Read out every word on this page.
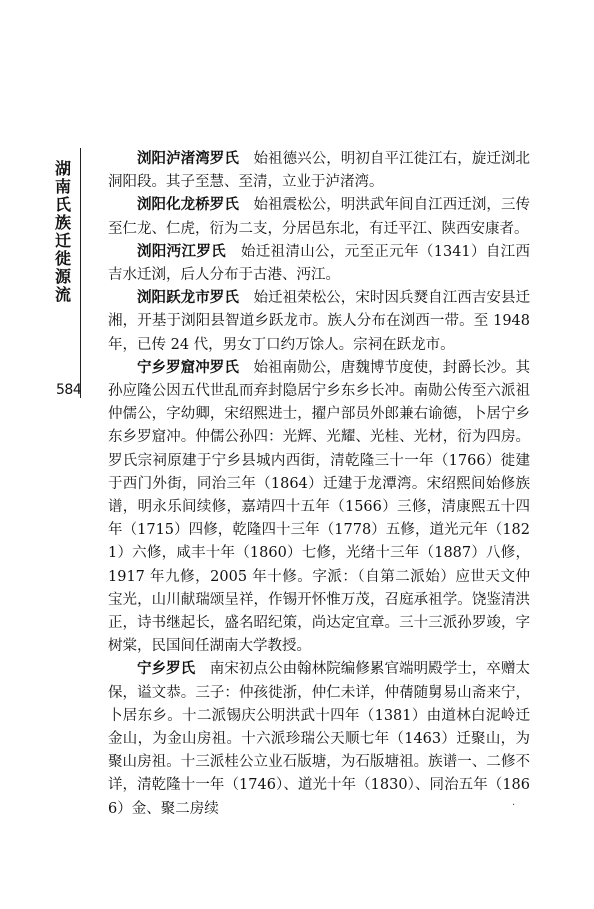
湖南氏族迁徙源流
584

浏阳泸渚湾罗氏 始祖德兴公，明初自平江徙江右，旋迁浏北洞阳段。其子至慧、至清，立业于泸渚湾。

浏阳化龙桥罗氏 始祖震松公，明洪武年间自江西迁浏，三传至仁龙、仁虎，衍为二支，分居邑东北，有迁平江、陕西安康者。

浏阳沔江罗氏 始迁祖清山公，元至正元年（1341）自江西吉水迁浏，后人分布于古港、沔江。

浏阳跃龙市罗氏 始迁祖荣松公，宋时因兵燹自江西吉安县迁湘，开基于浏阳县智道乡跃龙市。族人分布在浏西一带。至 1948 年，已传 24 代，男女丁口约万馀人。宗祠在跃龙市。

宁乡罗窟冲罗氏 始祖南勋公，唐魏博节度使，封爵长沙。其孙应隆公因五代世乱而弃封隐居宁乡东乡长冲。南勋公传至六派祖仲儒公，字幼卿，宋绍熙进士，擢户部员外郎兼右谕德，卜居宁乡东乡罗窟冲。仲儒公孙四：光辉、光耀、光桂、光材，衍为四房。罗氏宗祠原建于宁乡县城内西街，清乾隆三十一年（1766）徙建于西门外街，同治三年（1864）迁建于龙潭湾。宋绍熙间始修族谱，明永乐间续修，嘉靖四十五年（1566）三修，清康熙五十四年（1715）四修，乾隆四十三年（1778）五修，道光元年（1821）六修，咸丰十年（1860）七修，光绪十三年（1887）八修，1917 年九修，2005 年十修。字派：（自第二派始）应世天文仲宝光，山川献瑞颂呈祥，作锡开怀惟万茂，召庭承祖学。饶鉴清洪正，诗书继起长，盛名昭纪策，尚达定宜章。三十三派孙罗竣，字树棠，民国间任湖南大学教授。

宁乡罗氏 南宋初点公由翰林院编修累官端明殿学士，卒赠太保，谥文恭。三子：仲孩徙浙，仲仁未详，仲蒨随舅易山斋来宁，卜居东乡。十二派锡庆公明洪武十四年（1381）由道林白泥岭迁金山，为金山房祖。十六派珍瑞公天顺七年（1463）迁聚山，为聚山房祖。十三派桂公立业石版塘，为石版塘祖。族谱一、二修不详，清乾隆十一年（1746）、道光十年（1830）、同治五年（1866）金、聚二房续	·
